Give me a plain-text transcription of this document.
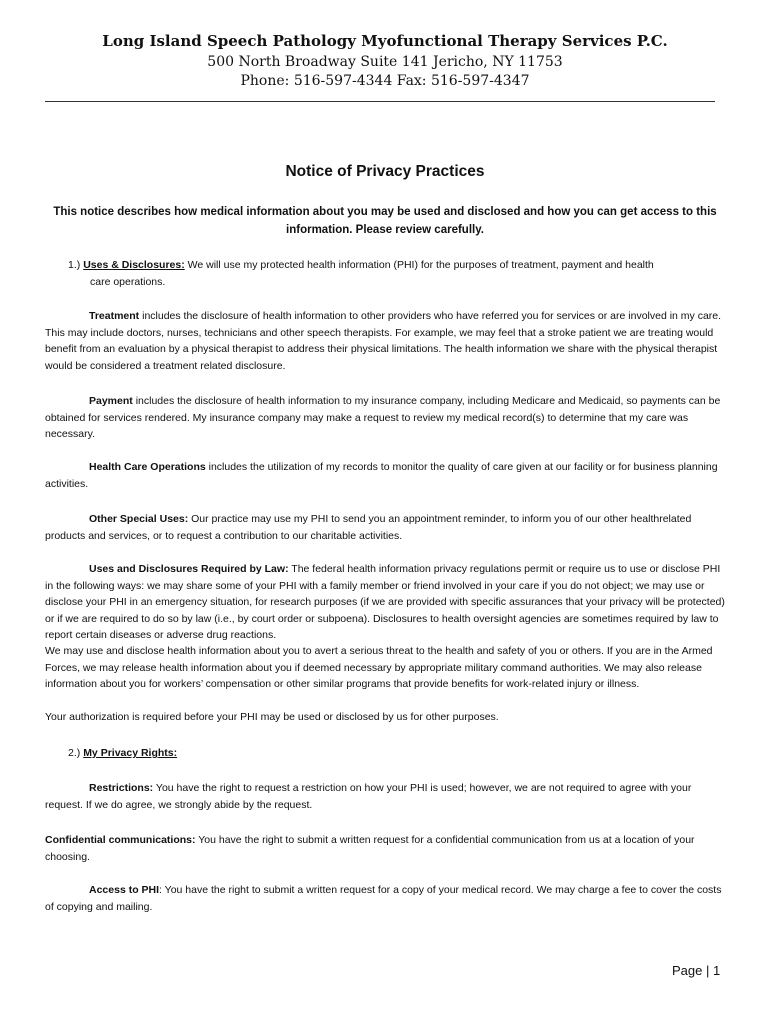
Long Island Speech Pathology Myofunctional Therapy Services P.C.
500 North Broadway Suite 141 Jericho, NY 11753
Phone: 516-597-4344 Fax: 516-597-4347
Notice of Privacy Practices
This notice describes how medical information about you may be used and disclosed and how you can get access to this information. Please review carefully.
1.) Uses & Disclosures: We will use my protected health information (PHI) for the purposes of treatment, payment and health
care operations.
Treatment includes the disclosure of health information to other providers who have referred you for services or are involved in my care. This may include doctors, nurses, technicians and other speech therapists. For example, we may feel that a stroke patient we are treating would benefit from an evaluation by a physical therapist to address their physical limitations. The health information we share with the physical therapist would be considered a treatment related disclosure.
Payment includes the disclosure of health information to my insurance company, including Medicare and Medicaid, so payments can be obtained for services rendered. My insurance company may make a request to review my medical record(s) to determine that my care was necessary.
Health Care Operations includes the utilization of my records to monitor the quality of care given at our facility or for business planning activities.
Other Special Uses: Our practice may use my PHI to send you an appointment reminder, to inform you of our other healthrelated products and services, or to request a contribution to our charitable activities.
Uses and Disclosures Required by Law: The federal health information privacy regulations permit or require us to use or disclose PHI in the following ways: we may share some of your PHI with a family member or friend involved in your care if you do not object; we may use or disclose your PHI in an emergency situation, for research purposes (if we are provided with specific assurances that your privacy will be protected) or if we are required to do so by law (i.e., by court order or subpoena). Disclosures to health oversight agencies are sometimes required by law to report certain diseases or adverse drug reactions.
We may use and disclose health information about you to avert a serious threat to the health and safety of you or others. If you are in the Armed Forces, we may release health information about you if deemed necessary by appropriate military command authorities. We may also release information about you for workers’ compensation or other similar programs that provide benefits for work-related injury or illness.
Your authorization is required before your PHI may be used or disclosed by us for other purposes.
2.) My Privacy Rights:
Restrictions: You have the right to request a restriction on how your PHI is used; however, we are not required to agree with your request. If we do agree, we strongly abide by the request.
Confidential communications: You have the right to submit a written request for a confidential communication from us at a location of your choosing.
Access to PHI: You have the right to submit a written request for a copy of your medical record. We may charge a fee to cover the costs of copying and mailing.
Page | 1
